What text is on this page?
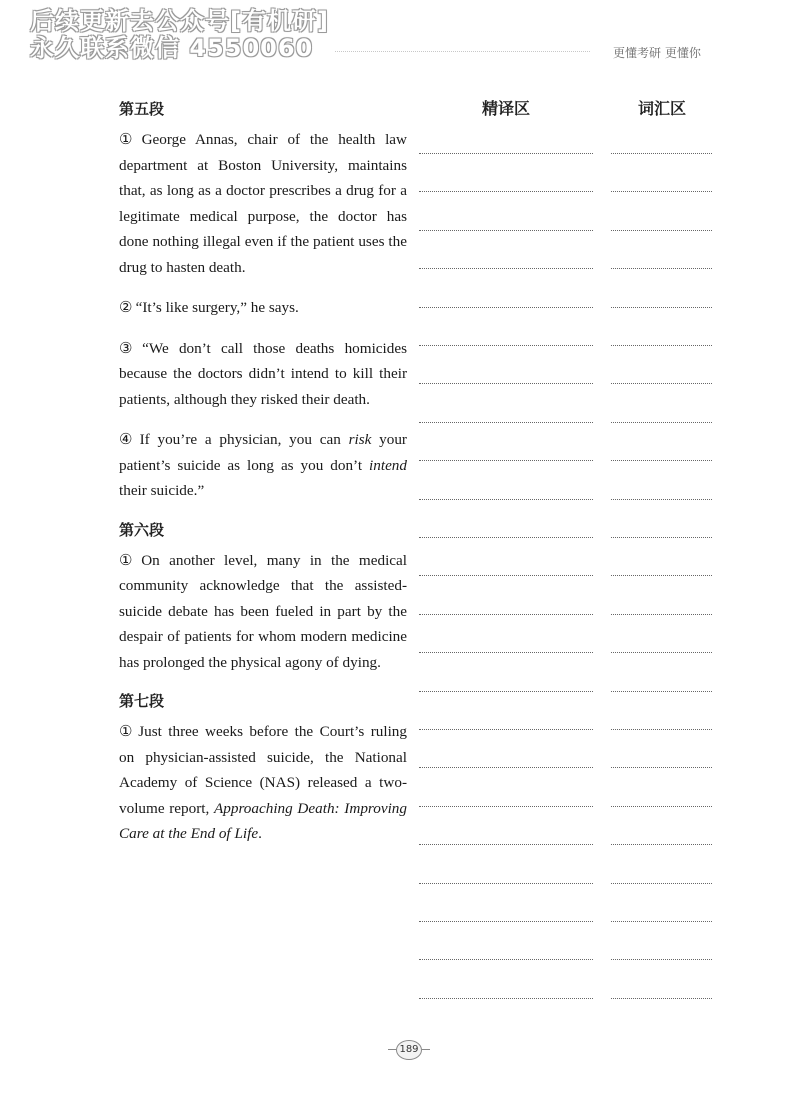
后续更新去公众号[有机研]
永久联系微信 4550060	更懂考研 更懂你
精译区	词汇区
第五段

① George Annas, chair of the health law department at Boston University, maintains that, as long as a doctor prescribes a drug for a legitimate medical purpose, the doctor has done nothing illegal even if the patient uses the drug to hasten death.

② “It’s like surgery,” he says.

③ “We don’t call those deaths homicides because the doctors didn’t intend to kill their patients, although they risked their death.

④ If you’re a physician, you can risk your patient’s suicide as long as you don’t intend their suicide.”

第六段

① On another level, many in the medical community acknowledge that the assisted-suicide debate has been fueled in part by the despair of patients for whom modern medicine has prolonged the physical agony of dying.

第七段

① Just three weeks before the Court’s ruling on physician-assisted suicide, the National Academy of Science (NAS) released a two-volume report, Approaching Death: Improving Care at the End of Life.

189
